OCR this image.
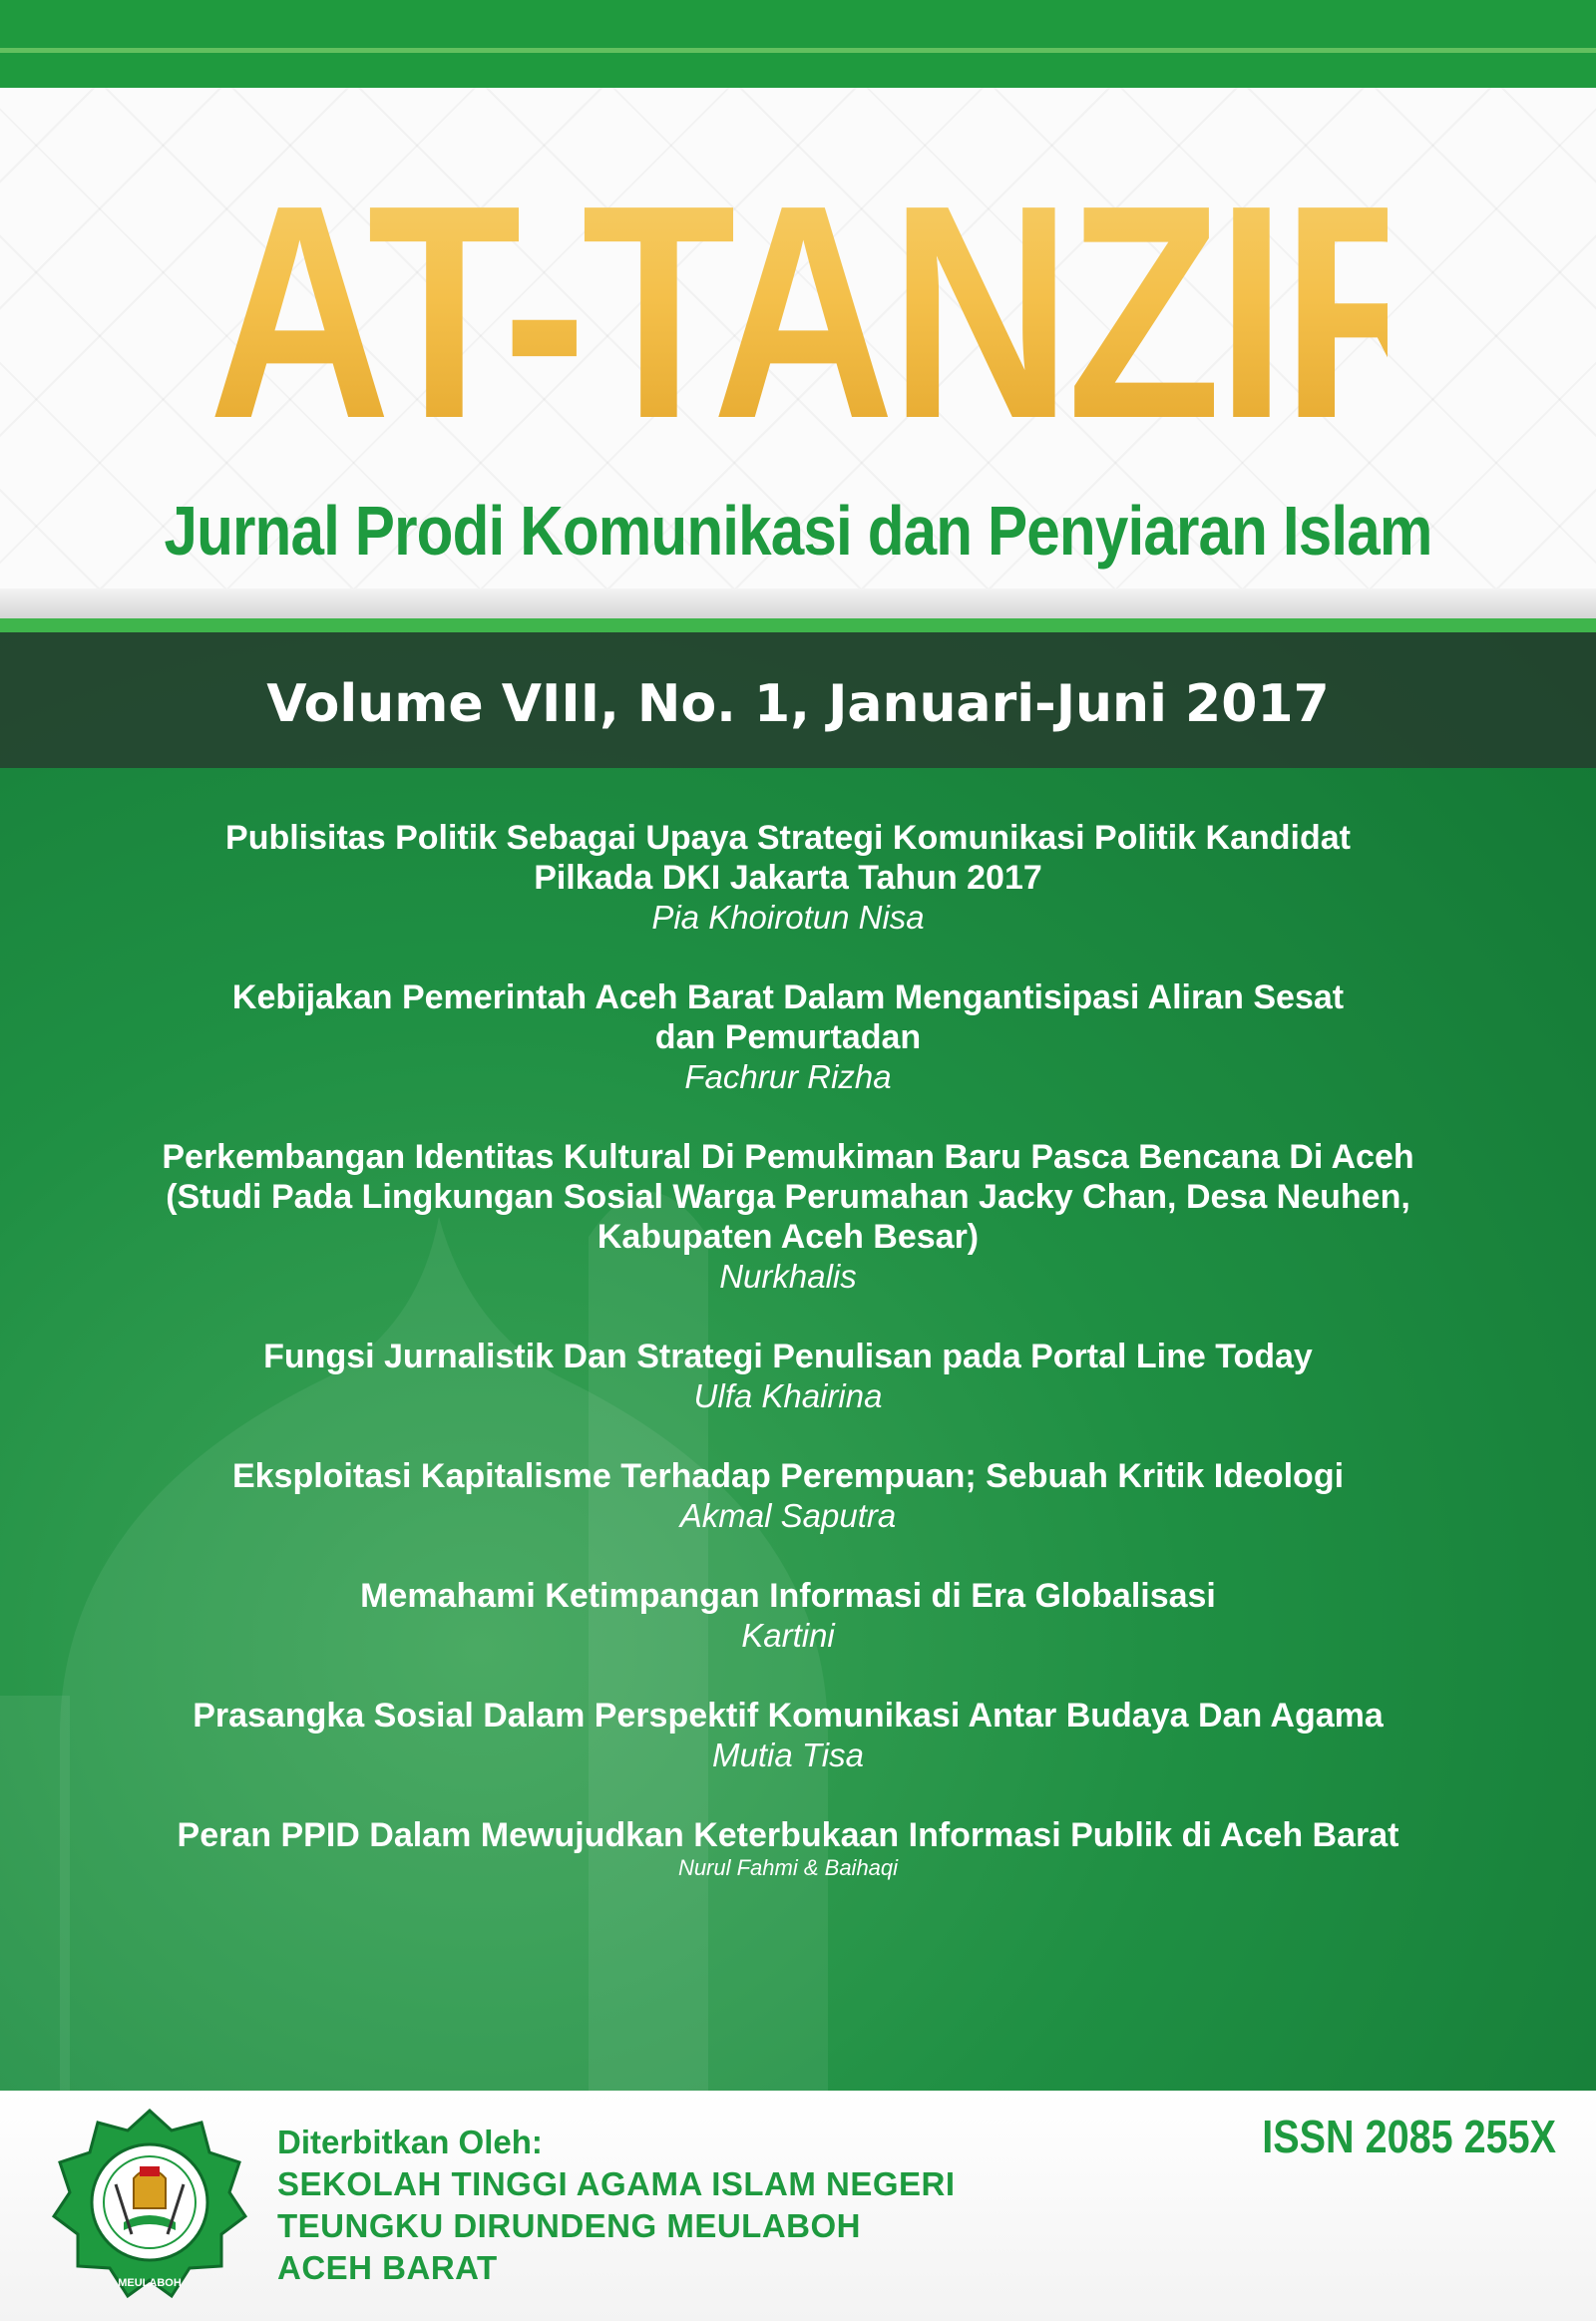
AT-TANZIR
Jurnal Prodi Komunikasi dan Penyiaran Islam
Volume VIII, No. 1, Januari-Juni 2017
Publisitas Politik Sebagai Upaya Strategi Komunikasi Politik Kandidat
Pilkada DKI Jakarta Tahun 2017
Pia Khoirotun Nisa
Kebijakan Pemerintah Aceh Barat Dalam Mengantisipasi Aliran Sesat
dan Pemurtadan
Fachrur Rizha
Perkembangan Identitas Kultural Di Pemukiman Baru Pasca Bencana Di Aceh
(Studi Pada Lingkungan Sosial Warga Perumahan Jacky Chan, Desa Neuhen,
Kabupaten Aceh Besar)
Nurkhalis
Fungsi Jurnalistik Dan Strategi Penulisan pada Portal Line Today
Ulfa Khairina
Eksploitasi Kapitalisme Terhadap Perempuan; Sebuah Kritik Ideologi
Akmal Saputra
Memahami Ketimpangan Informasi di Era Globalisasi
Kartini
Prasangka Sosial Dalam Perspektif Komunikasi Antar Budaya Dan Agama
Mutia Tisa
Peran PPID Dalam Mewujudkan Keterbukaan Informasi Publik di Aceh Barat
Nurul Fahmi & Baihaqi
MEULABOH
Diterbitkan Oleh:
SEKOLAH TINGGI AGAMA ISLAM NEGERI
TEUNGKU DIRUNDENG MEULABOH
ACEH BARAT
ISSN 2085 255X
